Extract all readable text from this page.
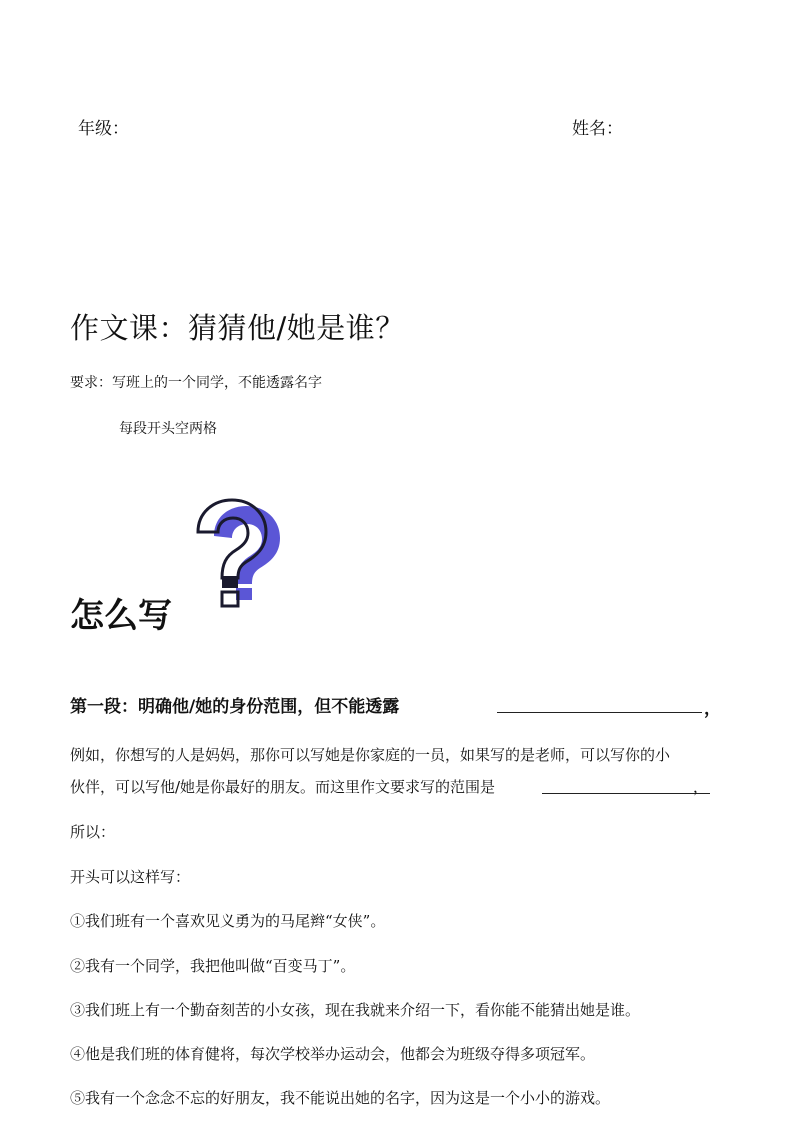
年级：	姓名：
作文课：猜猜他/她是谁？
要求：写班上的一个同学，不能透露名字
每段开头空两格
怎么写
第一段：明确他/她的身份范围，但不能透露	，
例如，你想写的人是妈妈，那你可以写她是你家庭的一员，如果写的是老师，可以写你的小
伙伴，可以写他/她是你最好的朋友。而这里作文要求写的范围是	，
所以：
开头可以这样写：
①我们班有一个喜欢见义勇为的马尾辫“女侠”。
②我有一个同学，我把他叫做“百变马丁”。
③我们班上有一个勤奋刻苦的小女孩，现在我就来介绍一下，看你能不能猜出她是谁。
④他是我们班的体育健将，每次学校举办运动会，他都会为班级夺得多项冠军。
⑤我有一个念念不忘的好朋友，我不能说出她的名字，因为这是一个小小的游戏。
